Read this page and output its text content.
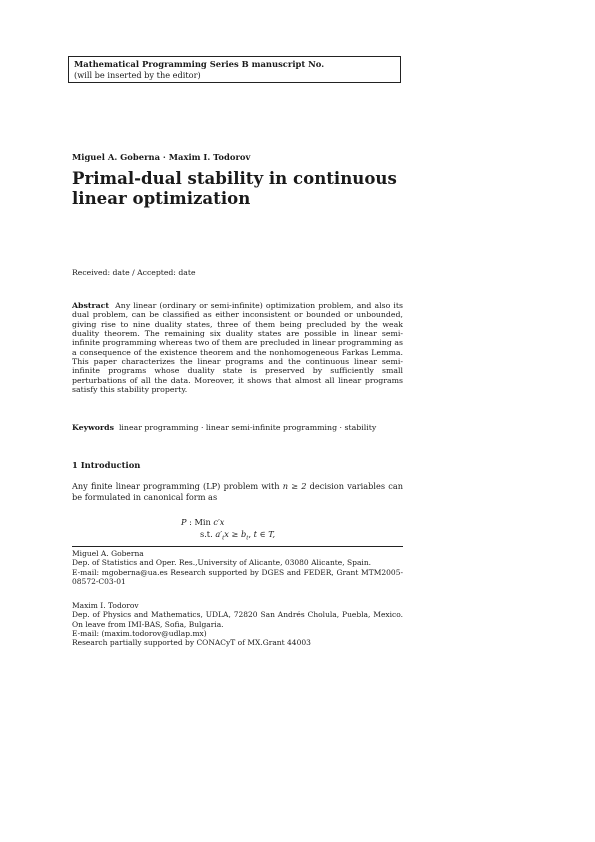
Mathematical Programming Series B manuscript No.
(will be inserted by the editor)
Miguel A. Goberna · Maxim I. Todorov
Primal-dual stability in continuous linear optimization
Received: date / Accepted: date
Abstract Any linear (ordinary or semi-infinite) optimization problem, and also its dual problem, can be classified as either inconsistent or bounded or unbounded, giving rise to nine duality states, three of them being precluded by the weak duality theorem. The remaining six duality states are possible in linear semi-infinite programming whereas two of them are precluded in linear programming as a consequence of the existence theorem and the nonhomogeneous Farkas Lemma. This paper characterizes the linear programs and the continuous linear semi-infinite programs whose duality state is preserved by sufficiently small perturbations of all the data. Moreover, it shows that almost all linear programs satisfy this stability property.
Keywords linear programming · linear semi-infinite programming · stability
1 Introduction
Any finite linear programming (LP) problem with n ≥ 2 decision variables can be formulated in canonical form as
P : Min c′x
s.t. $a'_tx \ge b_t$, t ∈ T,
Miguel A. Goberna
Dep. of Statistics and Oper. Res.,University of Alicante, 03080 Alicante, Spain.
E-mail: mgoberna@ua.es Research supported by DGES and FEDER, Grant MTM2005-08572-C03-01
Maxim I. Todorov
Dep. of Physics and Mathematics, UDLA, 72820 San Andrés Cholula, Puebla, Mexico. On leave from IMI-BAS, Sofia, Bulgaria.
E-mail: (maxim.todorov@udlap.mx)
Research partially supported by CONACyT of MX.Grant 44003
